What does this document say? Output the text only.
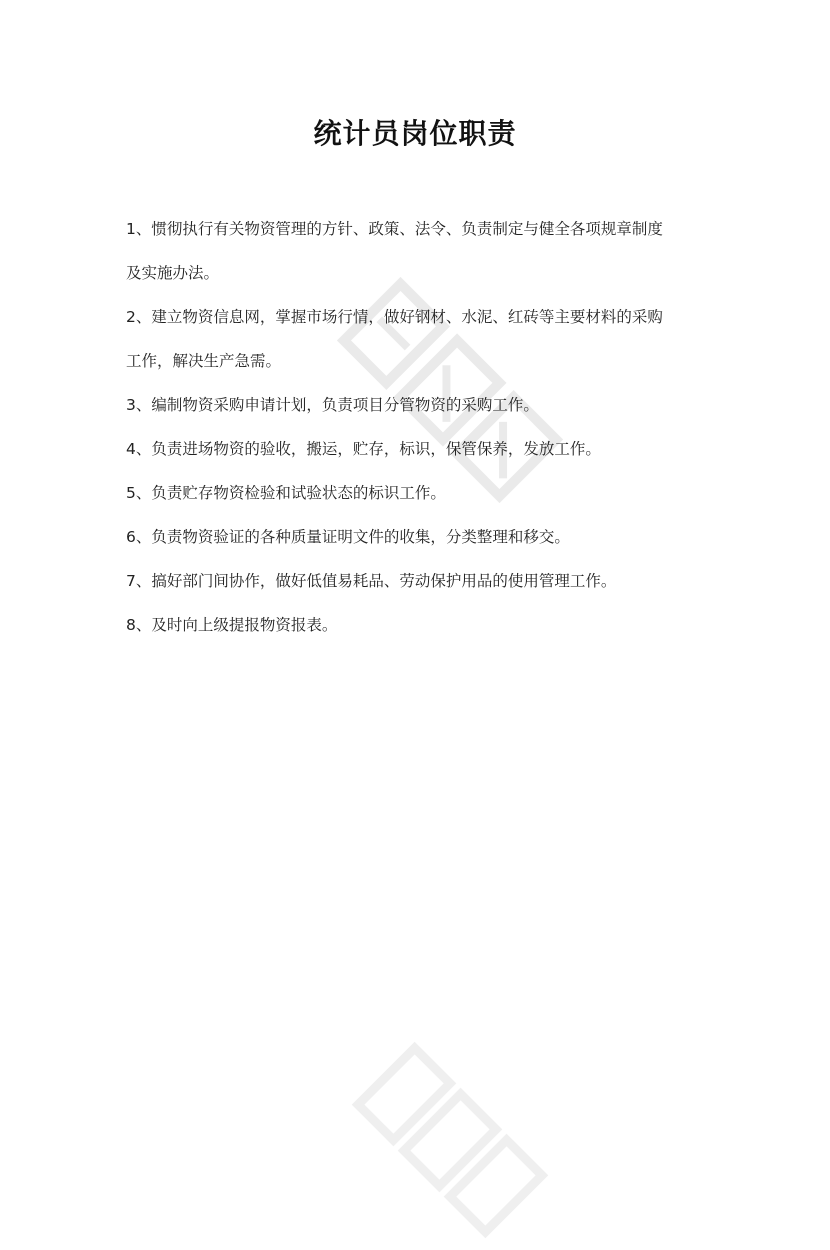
统计员岗位职责
1、惯彻执行有关物资管理的方针、政策、法令、负责制定与健全各项规章制度
及实施办法。
2、建立物资信息网，掌握市场行情，做好钢材、水泥、红砖等主要材料的采购
工作，解决生产急需。
3、编制物资采购申请计划，负责项目分管物资的采购工作。
4、负责进场物资的验收，搬运，贮存，标识，保管保养，发放工作。
5、负责贮存物资检验和试验状态的标识工作。
6、负责物资验证的各种质量证明文件的收集，分类整理和移交。
7、搞好部门间协作，做好低值易耗品、劳动保护用品的使用管理工作。
8、及时向上级提报物资报表。
